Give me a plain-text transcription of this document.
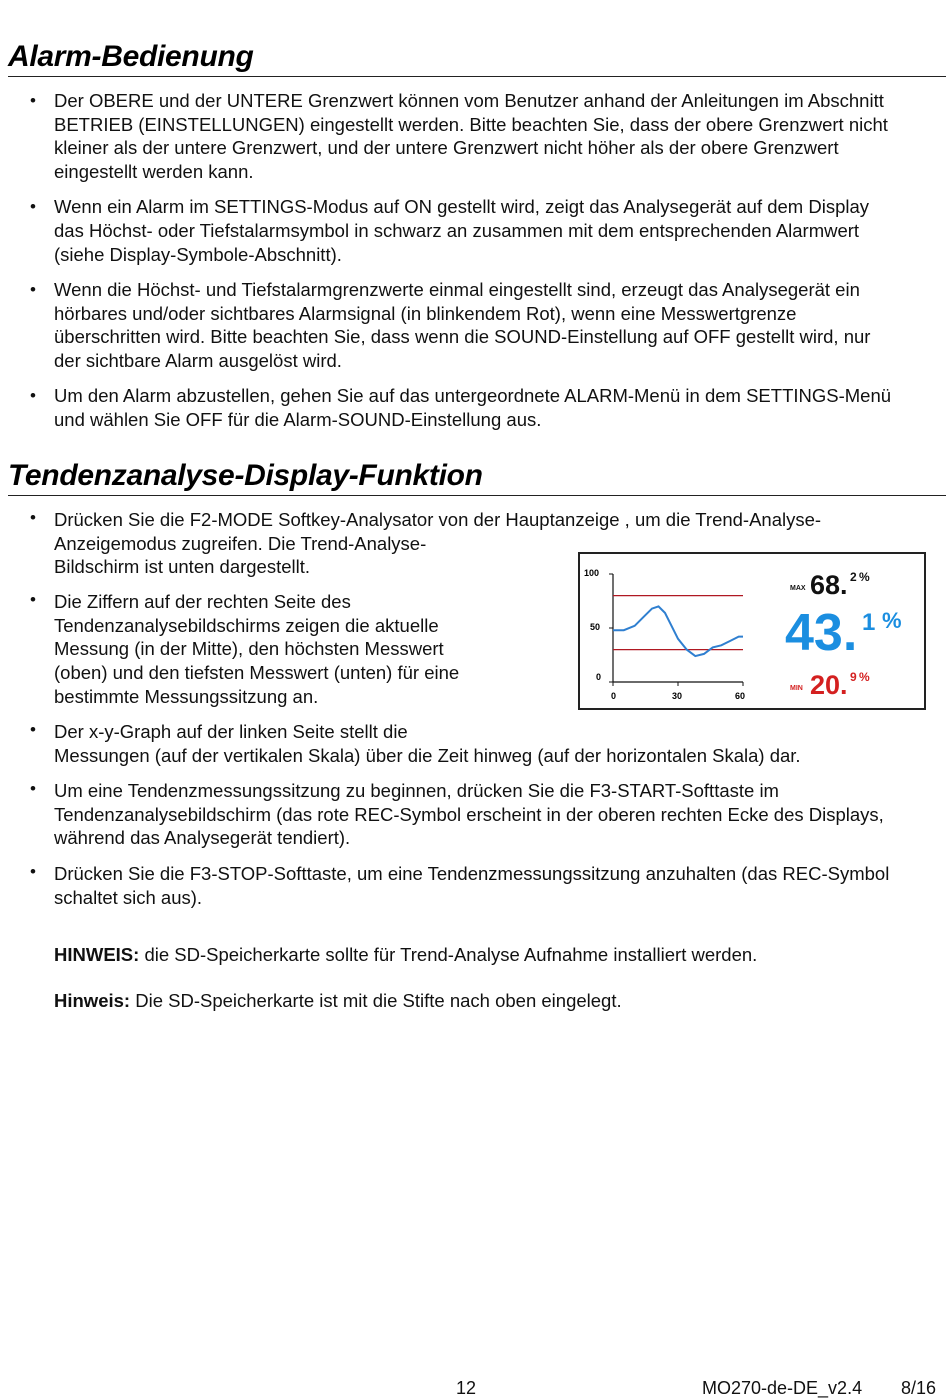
Alarm-Bedienung
• Der OBERE und der UNTERE Grenzwert können vom Benutzer anhand der Anleitungen im Abschnitt BETRIEB (EINSTELLUNGEN) eingestellt werden. Bitte beachten Sie, dass der obere Grenzwert nicht kleiner als der untere Grenzwert, und der untere Grenzwert nicht höher als der obere Grenzwert eingestellt werden kann.
• Wenn ein Alarm im SETTINGS-Modus auf ON gestellt wird, zeigt das Analysegerät auf dem Display das Höchst- oder Tiefstalarmsymbol in schwarz an zusammen mit dem entsprechenden Alarmwert (siehe Display-Symbole-Abschnitt).
• Wenn die Höchst- und Tiefstalarmgrenzwerte einmal eingestellt sind, erzeugt das Analysegerät ein hörbares und/oder sichtbares Alarmsignal (in blinkendem Rot), wenn eine Messwertgrenze überschritten wird. Bitte beachten Sie, dass wenn die SOUND-Einstellung auf OFF gestellt wird, nur der sichtbare Alarm ausgelöst wird.
• Um den Alarm abzustellen, gehen Sie auf das untergeordnete ALARM-Menü in dem SETTINGS-Menü und wählen Sie OFF für die Alarm-SOUND-Einstellung aus.
Tendenzanalyse-Display-Funktion
• Drücken Sie die F2-MODE Softkey-Analysator von der Hauptanzeige , um die Trend-Analyse-
Anzeigemodus zugreifen. Die Trend-Analyse-
Bildschirm ist unten dargestellt.
• Die Ziffern auf der rechten Seite des
Tendenzanalysebildschirms zeigen die aktuelle
Messung (in der Mitte), den höchsten Messwert
(oben) und den tiefsten Messwert (unten) für eine
bestimmte Messungssitzung an.
• Der x-y-Graph auf der linken Seite stellt die
Messungen (auf der vertikalen Skala) über die Zeit hinweg (auf der horizontalen Skala) dar.
• Um eine Tendenzmessungssitzung zu beginnen, drücken Sie die F3-START-Softtaste im Tendenzanalysebildschirm (das rote REC-Symbol erscheint in der oberen rechten Ecke des Displays, während das Analysegerät tendiert).
• Drücken Sie die F3-STOP-Softtaste, um eine Tendenzmessungssitzung anzuhalten (das REC-Symbol schaltet sich aus).
HINWEIS: die SD-Speicherkarte sollte für Trend-Analyse Aufnahme installiert werden.
Hinweis: Die SD-Speicherkarte ist mit die Stifte nach oben eingelegt.
100
50
0
0	30	60
MAX 68. 2 %
43. 1 %
MIN 20. 9 %
12	MO270-de-DE_v2.4 8/16
